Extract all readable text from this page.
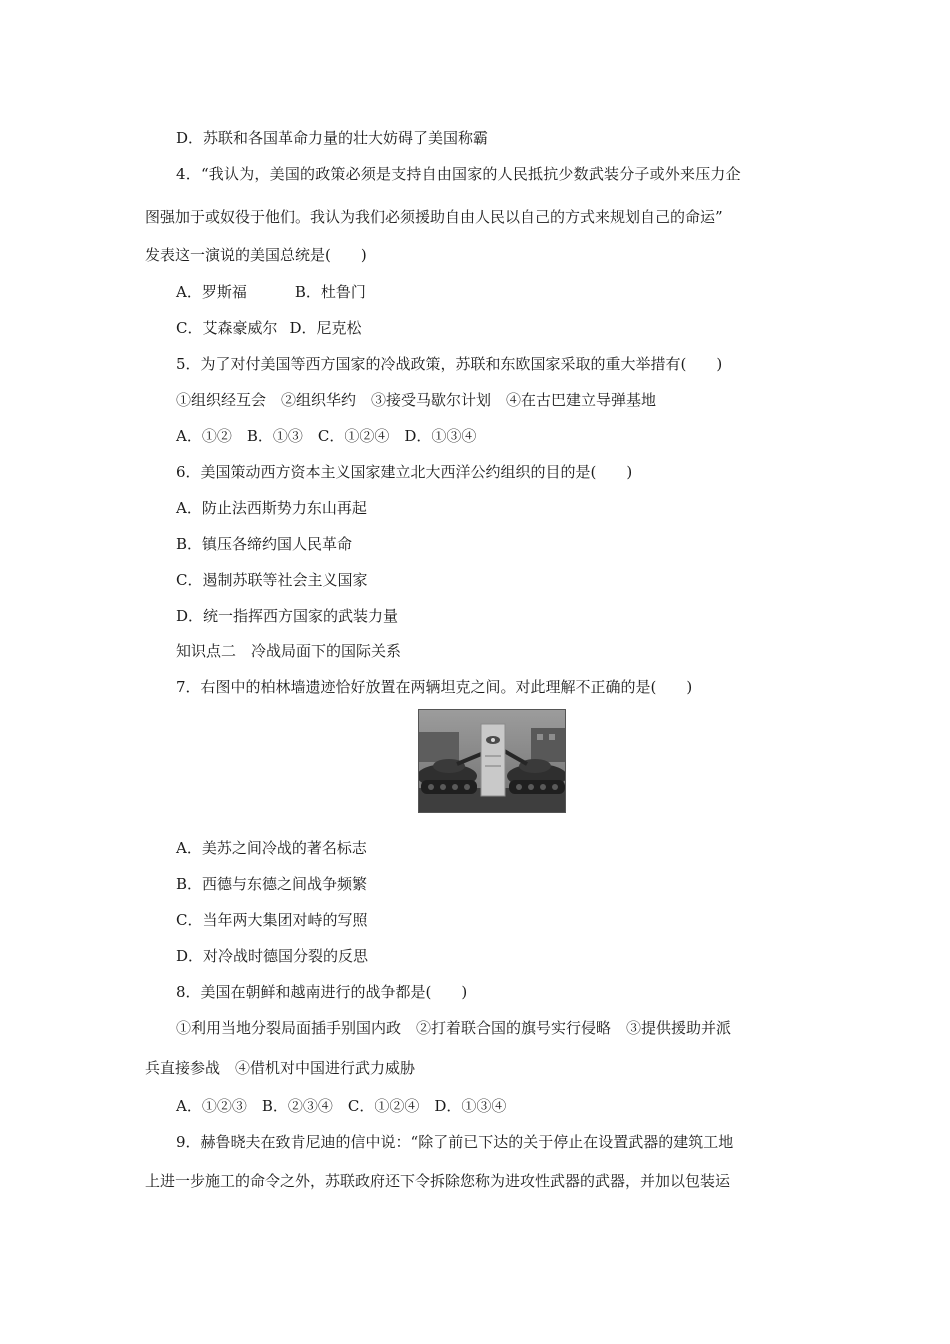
D．苏联和各国革命力量的壮大妨碍了美国称霸
4．“我认为，美国的政策必须是支持自由国家的人民抵抗少数武装分子或外来压力企
图强加于或奴役于他们。我认为我们必须援助自由人民以自己的方式来规划自己的命运”
发表这一演说的美国总统是(　　)
A．罗斯福	B．杜鲁门
C．艾森豪威尔 D．尼克松
5．为了对付美国等西方国家的冷战政策，苏联和东欧国家采取的重大举措有(　　)
①组织经互会　②组织华约　③接受马歇尔计划　④在古巴建立导弹基地
A．①②　B．①③　C．①②④　D．①③④
6．美国策动西方资本主义国家建立北大西洋公约组织的目的是(　　)
A．防止法西斯势力东山再起
B．镇压各缔约国人民革命
C．遏制苏联等社会主义国家
D．统一指挥西方国家的武装力量
知识点二　冷战局面下的国际关系
7．右图中的柏林墙遗迹恰好放置在两辆坦克之间。对此理解不正确的是(　　)
A．美苏之间冷战的著名标志
B．西德与东德之间战争频繁
C．当年两大集团对峙的写照
D．对冷战时德国分裂的反思
8．美国在朝鲜和越南进行的战争都是(　　)
①利用当地分裂局面插手别国内政　②打着联合国的旗号实行侵略　③提供援助并派
兵直接参战　④借机对中国进行武力威胁
A．①②③　B．②③④　C．①②④　D．①③④
9．赫鲁晓夫在致肯尼迪的信中说：“除了前已下达的关于停止在设置武器的建筑工地
上进一步施工的命令之外，苏联政府还下令拆除您称为进攻性武器的武器，并加以包装运
